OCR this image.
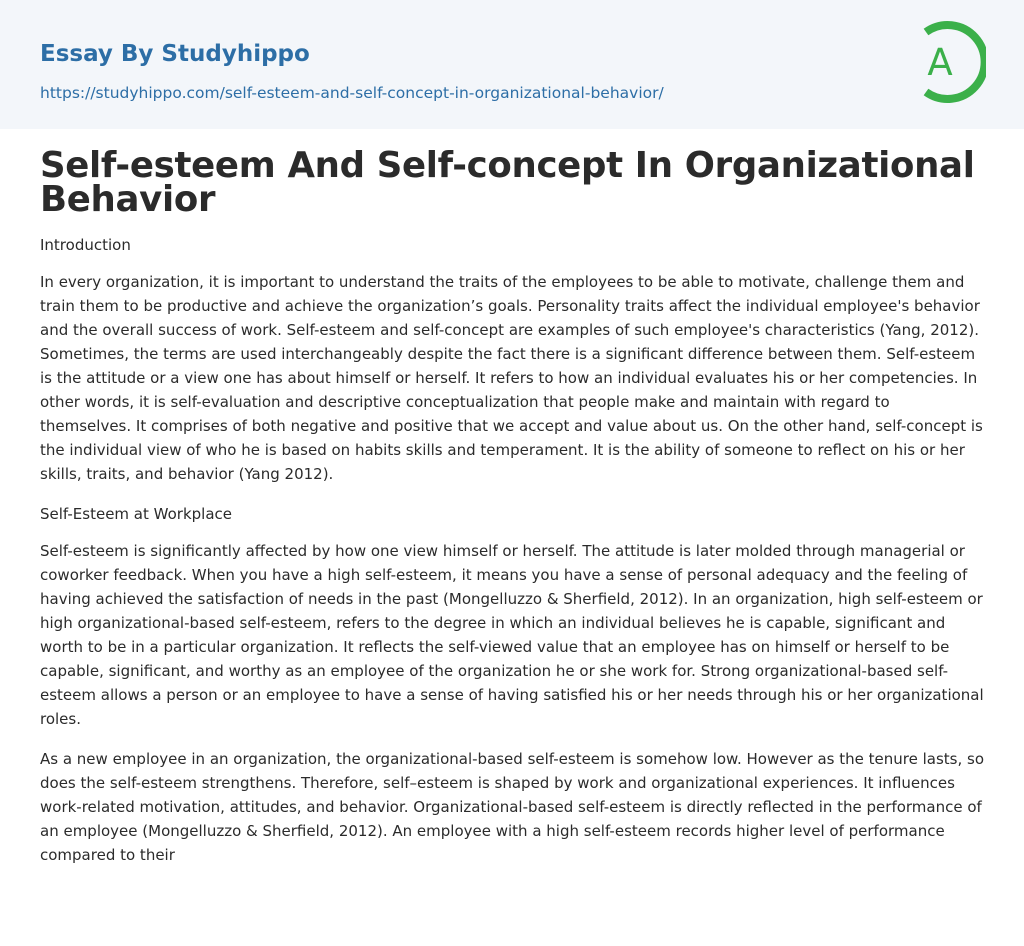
Essay By Studyhippo
https://studyhippo.com/self-esteem-and-self-concept-in-organizational-behavior/
A
Self-esteem And Self-concept In Organizational Behavior

Introduction

In every organization, it is important to understand the traits of the employees to be able to motivate, challenge them and train them to be productive and achieve the organization’s goals. Personality traits affect the individual employee's behavior and the overall success of work. Self-esteem and self-concept are examples of such employee's characteristics (Yang, 2012). Sometimes, the terms are used interchangeably despite the fact there is a significant difference between them. Self-esteem is the attitude or a view one has about himself or herself. It refers to how an individual evaluates his or her competencies. In other words, it is self-evaluation and descriptive conceptualization that people make and maintain with regard to themselves. It comprises of both negative and positive that we accept and value about us. On the other hand, self-concept is the individual view of who he is based on habits skills and temperament. It is the ability of someone to reflect on his or her skills, traits, and behavior (Yang 2012).

Self-Esteem at Workplace

Self-esteem is significantly affected by how one view himself or herself. The attitude is later molded through managerial or coworker feedback. When you have a high self-esteem, it means you have a sense of personal adequacy and the feeling of having achieved the satisfaction of needs in the past (Mongelluzzo & Sherfield, 2012). In an organization, high self-esteem or high organizational-based self-esteem, refers to the degree in which an individual believes he is capable, significant and worth to be in a particular organization. It reflects the self-viewed value that an employee has on himself or herself to be capable, significant, and worthy as an employee of the organization he or she work for. Strong organizational-based self-esteem allows a person or an employee to have a sense of having satisfied his or her needs through his or her organizational roles.

As a new employee in an organization, the organizational-based self-esteem is somehow low. However as the tenure lasts, so does the self-esteem strengthens. Therefore, self–esteem is shaped by work and organizational experiences. It influences work-related motivation, attitudes, and behavior. Organizational-based self-esteem is directly reflected in the performance of an employee (Mongelluzzo & Sherfield, 2012). An employee with a high self-esteem records higher level of performance compared to their
